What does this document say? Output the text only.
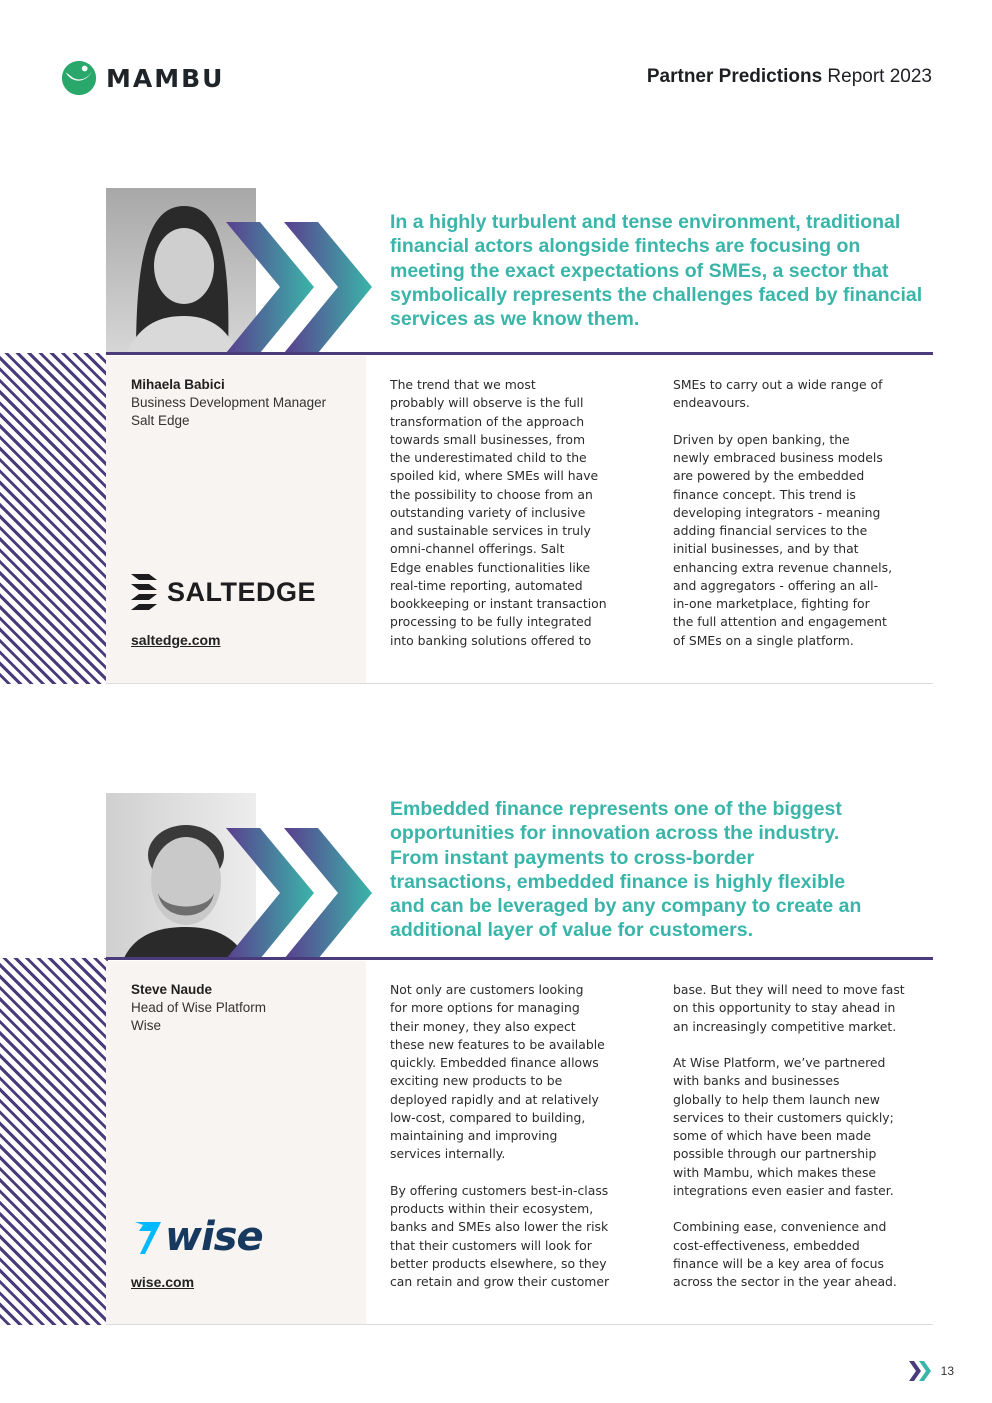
MAMBU	Partner Predictions Report 2023

In a highly turbulent and tense environment, traditional financial actors alongside fintechs are focusing on meeting the exact expectations of SMEs, a sector that symbolically represents the challenges faced by financial services as we know them.

Mihaela Babici
Business Development Manager
Salt Edge
SALTEDGE
saltedge.com

The trend that we most
probably will observe is the full
transformation of the approach
towards small businesses, from
the underestimated child to the
spoiled kid, where SMEs will have
the possibility to choose from an
outstanding variety of inclusive
and sustainable services in truly
omni-channel offerings. Salt
Edge enables functionalities like
real-time reporting, automated
bookkeeping or instant transaction
processing to be fully integrated
into banking solutions offered to

SMEs to carry out a wide range of
endeavours.

Driven by open banking, the
newly embraced business models
are powered by the embedded
finance concept. This trend is
developing integrators - meaning
adding financial services to the
initial businesses, and by that
enhancing extra revenue channels,
and aggregators - offering an all-
in-one marketplace, fighting for
the full attention and engagement
of SMEs on a single platform.

Embedded finance represents one of the biggest opportunities for innovation across the industry. From instant payments to cross-border transactions, embedded finance is highly flexible and can be leveraged by any company to create an additional layer of value for customers.

Steve Naude
Head of Wise Platform
Wise
wise
wise.com

Not only are customers looking
for more options for managing
their money, they also expect
these new features to be available
quickly. Embedded finance allows
exciting new products to be
deployed rapidly and at relatively
low-cost, compared to building,
maintaining and improving
services internally.

By offering customers best-in-class
products within their ecosystem,
banks and SMEs also lower the risk
that their customers will look for
better products elsewhere, so they
can retain and grow their customer

base. But they will need to move fast
on this opportunity to stay ahead in
an increasingly competitive market.

At Wise Platform, we’ve partnered
with banks and businesses
globally to help them launch new
services to their customers quickly;
some of which have been made
possible through our partnership
with Mambu, which makes these
integrations even easier and faster.

Combining ease, convenience and
cost-effectiveness, embedded
finance will be a key area of focus
across the sector in the year ahead.

13
